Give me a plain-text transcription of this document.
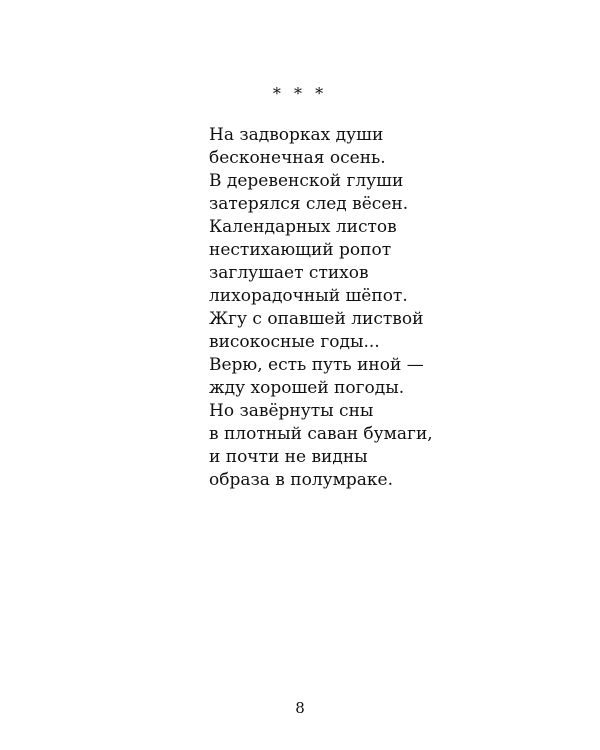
* * *
На задворках души
бесконечная осень.
В деревенской глуши
затерялся след вёсен.
Календарных листов
нестихающий ропот
заглушает стихов
лихорадочный шёпот.
Жгу с опавшей листвой
високосные годы...
Верю, есть путь иной —
жду хорошей погоды.
Но завёрнуты сны
в плотный саван бумаги,
и почти не видны
образа в полумраке.
8
